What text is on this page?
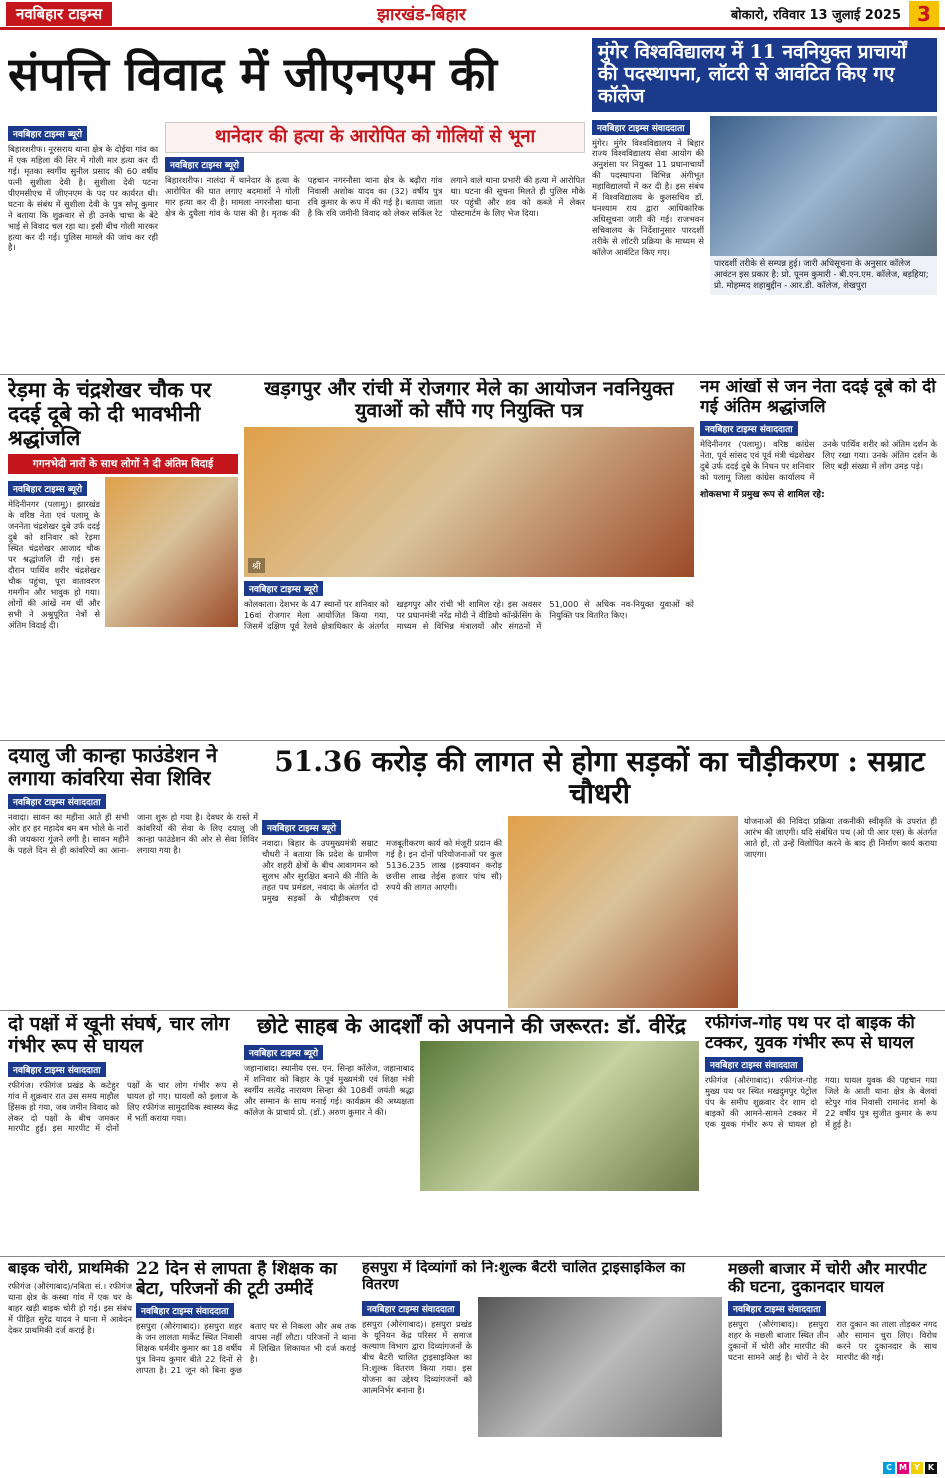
नवबिहार टाइम्स	झारखंड-बिहार	बोकारो, रविवार 13 जुलाई 2025 3
संपत्ति विवाद में जीएनएम की
नवबिहार टाइम्स ब्यूरो
बिहारशरीफ। नूरसराय थाना क्षेत्र के दोईया गांव का में एक महिला की सिर में गोली मार हत्या कर दी गई। मृतका स्वर्गीय सुनील प्रसाद की 60 वर्षीय पत्नी सुशीला देवी है। सुशीला देवी पटना पीएमसीएच में जीएनएम के पद पर कार्यरत थी। घटना के संबंध में सुशीला देवी के पुत्र सोनू कुमार ने बताया कि शुक्रवार से ही उनके चाचा के बेटे भाई से विवाद चल रहा था। इसी बीच गोली मारकर हत्या कर दी गई। पुलिस मामले की जांच कर रही है।
थानेदार की हत्या के आरोपित को गोलियों से भूना
नवबिहार टाइम्स ब्यूरो
बिहारशरीफ। नालंदा में थानेदार के हत्या के आरोपित की घात लगाए बदमाशों ने गोली मार हत्या कर दी है। मामला नगरनौसा थाना क्षेत्र के दुधैला गांव के पास की है। मृतक की पहचान नगरनौसा थाना क्षेत्र के बढ़ौरा गांव निवासी अशोक यादव का (32) वर्षीय पुत्र रवि कुमार के रूप में की गई है। बताया जाता है कि रवि जमीनी विवाद को लेकर सर्किल रेट लगाने वाले थाना प्रभारी की हत्या में आरोपित था। घटना की सूचना मिलते ही पुलिस मौके पर पहुंची और शव को कब्जे में लेकर पोस्टमार्टम के लिए भेज दिया।
मुंगेर विश्वविद्यालय में 11 नवनियुक्त प्राचार्यों की पदस्थापना, लॉटरी से आवंटित किए गए कॉलेज
नवबिहार टाइम्स संवाददाता
मुंगेर। मुंगेर विश्वविद्यालय ने बिहार राज्य विश्वविद्यालय सेवा आयोग की अनुशंसा पर नियुक्त 11 प्रधानाचार्यों की पदस्थापना विभिन्न अंगीभूत महाविद्यालयों में कर दी है। इस संबंध में विश्वविद्यालय के कुलसचिव डॉ. घनश्याम राय द्वारा आधिकारिक अधिसूचना जारी की गई। राजभवन सचिवालय के निर्देशानुसार पारदर्शी तरीके से लॉटरी प्रक्रिया के माध्यम से कॉलेज आवंटित किए गए।
पारदर्शी तरीके से सम्पन्न हुई। जारी अधिसूचना के अनुसार कॉलेज आवंटन इस प्रकार है: प्रो. पूनम कुमारी - बी.एन.एम. कॉलेज, बड़हिया; प्रो. मोहम्मद शहाबुद्दीन - आर.डी. कॉलेज, शेखपुरा
रेड़मा के चंद्रशेखर चौक पर ददई दूबे को दी भावभीनी श्रद्धांजलि
गगनभेदी नारों के साथ लोगों ने दी अंतिम विदाई
नवबिहार टाइम्स ब्यूरो
मेदिनीनगर (पलामू)। झारखंड के वरिष्ठ नेता एवं पलामू के जननेता चंद्रशेखर दुबे उर्फ ददई दुबे को शनिवार को रेड़मा स्थित चंद्रशेखर आजाद चौक पर श्रद्धांजलि दी गई। इस दौरान पार्थिव शरीर चंद्रशेखर चौक पहुंचा, पूरा वातावरण गमगीन और भावुक हो गया। लोगों की आंखें नम थीं और सभी ने अश्रुपूरित नेत्रों से अंतिम विदाई दी।
खड़गपुर और रांची में रोजगार मेले का आयोजन नवनियुक्त युवाओं को सौंपे गए नियुक्ति पत्र
श्री
नवबिहार टाइम्स ब्यूरो
कोलकाता। देशभर के 47 स्थानों पर शनिवार को 16वां रोजगार मेला आयोजित किया गया, जिसमें दक्षिण पूर्व रेलवे क्षेत्राधिकार के अंतर्गत खड़गपुर और रांची भी शामिल रहे। इस अवसर पर प्रधानमंत्री नरेंद्र मोदी ने वीडियो कॉन्फ्रेंसिंग के माध्यम से विभिन्न मंत्रालयों और संगठनों में 51,000 से अधिक नव-नियुक्त युवाओं को नियुक्ति पत्र वितरित किए।
नम आंखों से जन नेता ददई दूबे को दी गई अंतिम श्रद्धांजलि
नवबिहार टाइम्स संवाददाता
मेदिनीनगर (पलामू)। वरिष्ठ कांग्रेस नेता, पूर्व सांसद एवं पूर्व मंत्री चंद्रशेखर दुबे उर्फ ददई दुबे के निधन पर शनिवार को पलामू जिला कांग्रेस कार्यालय में उनके पार्थिव शरीर को अंतिम दर्शन के लिए रखा गया। उनके अंतिम दर्शन के लिए बड़ी संख्या में लोग उमड़ पड़े।
शोकसभा में प्रमुख रूप से शामिल रहे:
दयालु जी कान्हा फाउंडेशन ने लगाया कांवरिया सेवा शिविर
नवबिहार टाइम्स संवाददाता
नवादा। सावन का महीना आते ही सभी ओर हर हर महादेव बम बम भोले के नारों की जयकारा गूंजने लगी है। सावन महीने के पहले दिन से ही कांवरियों का आना-जाना शुरू हो गया है। देवघर के रास्ते में कांवरियों की सेवा के लिए दयालु जी कान्हा फाउंडेशन की ओर से सेवा शिविर लगाया गया है।
51.36 करोड़ की लागत से होगा सड़कों का चौड़ीकरण : सम्राट चौधरी
नवबिहार टाइम्स ब्यूरो
नवादा। बिहार के उपमुख्यमंत्री सम्राट चौधरी ने बताया कि प्रदेश के ग्रामीण और शहरी क्षेत्रों के बीच आवागमन को सुलभ और सुरक्षित बनाने की नीति के तहत पथ प्रमंडल, नवादा के अंतर्गत दो प्रमुख सड़कों के चौड़ीकरण एवं मजबूतीकरण कार्य को मंजूरी प्रदान की गई है। इन दोनों परियोजनाओं पर कुल 5136.235 लाख (इक्यावन करोड़ छत्तीस लाख तेईस हजार पांच सौ) रुपये की लागत आएगी।
योजनाओं की निविदा प्रक्रिया तकनीकी स्वीकृति के उपरांत ही आरंभ की जाएगी। यदि संबंधित पथ (ओ पी आर एस) के अंतर्गत आते हों, तो उन्हें विलोपित करने के बाद ही निर्माण कार्य कराया जाएगा।
दो पक्षों में खूनी संघर्ष, चार लोग गंभीर रूप से घायल
नवबिहार टाइम्स संवाददाता
रफीगंज। रफीगंज प्रखंड के कटेहुर गांव में शुक्रवार रात उस समय माहौल हिंसक हो गया, जब जमीन विवाद को लेकर दो पक्षों के बीच जमकर मारपीट हुई। इस मारपीट में दोनों पक्षों के चार लोग गंभीर रूप से घायल हो गए। घायलों को इलाज के लिए रफीगंज सामुदायिक स्वास्थ्य केंद्र में भर्ती कराया गया।
छोटे साहब के आदर्शों को अपनाने की जरूरत: डॉ. वीरेंद्र
नवबिहार टाइम्स ब्यूरो
जहानाबाद। स्थानीय एस. एन. सिन्हा कॉलेज, जहानाबाद में शनिवार को बिहार के पूर्व मुख्यमंत्री एवं शिक्षा मंत्री स्वर्गीय सत्येंद्र नारायण सिन्हा की 108वीं जयंती श्रद्धा और सम्मान के साथ मनाई गई। कार्यक्रम की अध्यक्षता कॉलेज के प्राचार्य प्रो. (डॉ.) अरुण कुमार ने की।
रफीगंज-गोह पथ पर दो बाइक की टक्कर, युवक गंभीर रूप से घायल
नवबिहार टाइम्स संवाददाता
रफीगंज (औरंगाबाद)। रफीगंज-गोह मुख्य पथ पर स्थित मखदुमपुर पेट्रोल पंप के समीप शुक्रवार देर शाम दो बाइकों की आमने-सामने टक्कर में एक युवक गंभीर रूप से घायल हो गया। घायल युवक की पहचान गया जिले के आती थाना क्षेत्र के बेलवां स्टेपुर गांव निवासी रामानंद शर्मा के 22 वर्षीय पुत्र सुजीत कुमार के रूप में हुई है।
बाइक चोरी, प्राथमिकी
रफीगंज (औरंगाबाद)/नबिता सं.। रफीगंज थाना क्षेत्र के कस्बा गांव में एक घर के बाहर खड़ी बाइक चोरी हो गई। इस संबंध में पीड़ित सुरेंद्र यादव ने थाना में आवेदन देकर प्राथमिकी दर्ज कराई है।
22 दिन से लापता है शिक्षक का बेटा, परिजनों की टूटी उम्मीदें
नवबिहार टाइम्स संवाददाता
हसपुरा (औरंगाबाद)। हसपुरा शहर के जन लालता मार्केट स्थित निवासी शिक्षक धर्मवीर कुमार का 18 वर्षीय पुत्र विनय कुमार बीते 22 दिनों से लापता है। 21 जून को बिना कुछ बताए घर से निकला और अब तक वापस नहीं लौटा। परिजनों ने थाना में लिखित शिकायत भी दर्ज कराई है।
हसपुरा में दिव्यांगों को नि:शुल्क बैटरी चालित ट्राइसाइकिल का वितरण
नवबिहार टाइम्स संवाददाता
हसपुरा (औरंगाबाद)। हसपुरा प्रखंड के यूनियन केंद्र परिसर में समाज कल्याण विभाग द्वारा दिव्यांगजनों के बीच बैटरी चालित ट्राइसाइकिल का नि:शुल्क वितरण किया गया। इस योजना का उद्देश्य दिव्यांगजनों को आत्मनिर्भर बनाना है।
मछली बाजार में चोरी और मारपीट की घटना, दुकानदार घायल
नवबिहार टाइम्स संवाददाता
हसपुरा (औरंगाबाद)। हसपुरा शहर के मछली बाजार स्थित तीन दुकानों में चोरी और मारपीट की घटना सामने आई है। चोरों ने देर रात दुकान का ताला तोड़कर नगद और सामान चुरा लिए। विरोध करने पर दुकानदार के साथ मारपीट की गई।
C M Y	K
